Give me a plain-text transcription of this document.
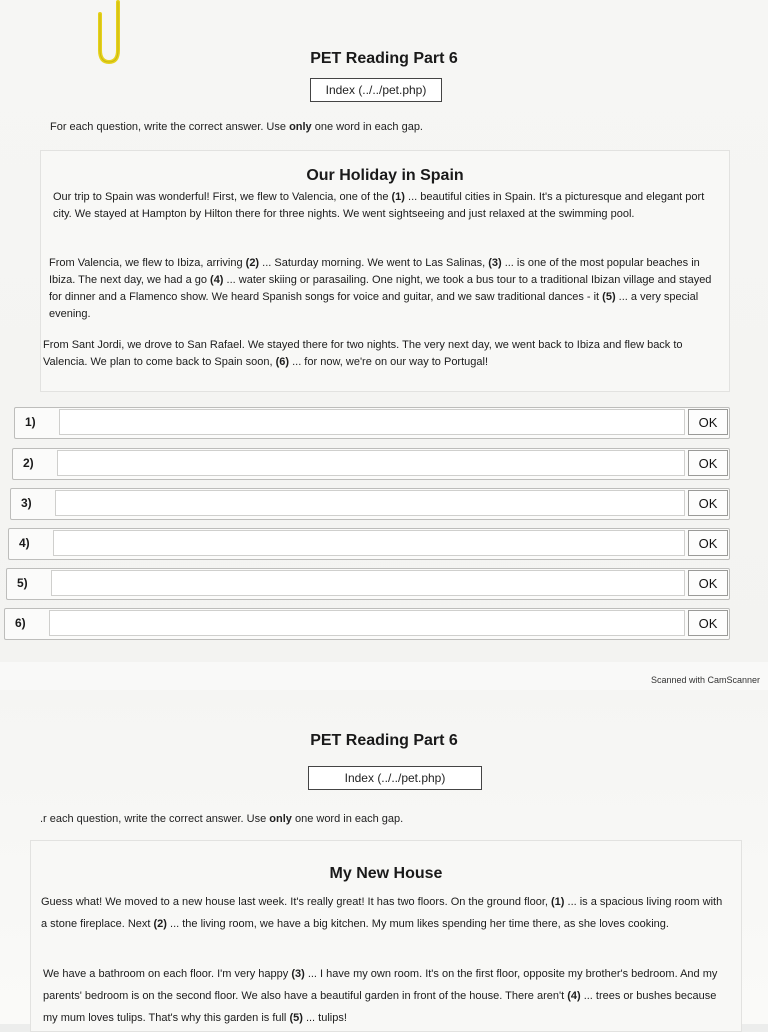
PET Reading Part 6
Index (../../pet.php)
For each question, write the correct answer. Use only one word in each gap.
Our Holiday in Spain

Our trip to Spain was wonderful! First, we flew to Valencia, one of the (1) ... beautiful cities in Spain. It's a picturesque and elegant port city. We stayed at Hampton by Hilton there for three nights. We went sightseeing and just relaxed at the swimming pool.

From Valencia, we flew to Ibiza, arriving (2) ... Saturday morning. We went to Las Salinas, (3) ... is one of the most popular beaches in Ibiza. The next day, we had a go (4) ... water skiing or parasailing. One night, we took a bus tour to a traditional Ibizan village and stayed for dinner and a Flamenco show. We heard Spanish songs for voice and guitar, and we saw traditional dances - it (5) ... a very special evening.

From Sant Jordi, we drove to San Rafael. We stayed there for two nights. The very next day, we went back to Ibiza and flew back to Valencia. We plan to come back to Spain soon, (6) ... for now, we're on our way to Portugal!

1)	OK
2)	OK
3)	OK
4)	OK
5)	OK
6)	OK
Scanned with CamScanner
PET Reading Part 6
Index (../../pet.php)
.r each question, write the correct answer. Use only one word in each gap.
My New House

Guess what! We moved to a new house last week. It's really great! It has two floors. On the ground floor, (1) ... is a spacious living room with a stone fireplace. Next (2) ... the living room, we have a big kitchen. My mum likes spending her time there, as she loves cooking.

We have a bathroom on each floor. I'm very happy (3) ... I have my own room. It's on the first floor, opposite my brother's bedroom. And my parents' bedroom is on the second floor. We also have a beautiful garden in front of the house. There aren't (4) ... trees or bushes because my mum loves tulips. That's why this garden is full (5) ... tulips!
